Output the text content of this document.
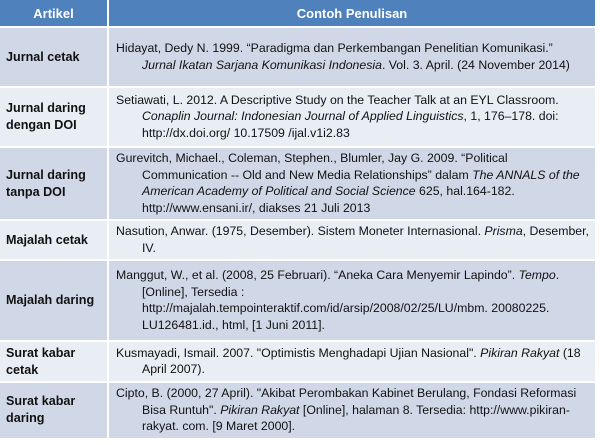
Artikel	Contoh Penulisan
Jurnal cetak	Hidayat, Dedy N. 1999. “Paradigma dan Perkembangan Penelitian Komunikasi.” Jurnal Ikatan Sarjana Komunikasi Indonesia. Vol. 3. April. (24 November 2014)

Jurnal daring dengan DOI	Setiawati, L. 2012. A Descriptive Study on the Teacher Talk at an EYL Classroom. Conaplin Journal: Indonesian Journal of Applied Linguistics, 1, 176–178. doi: http://dx.doi.org/ 10.17509 /ijal.v1i2.83

Jurnal daring tanpa DOI	Gurevitch, Michael., Coleman, Stephen., Blumler, Jay G. 2009. “Political Communication -- Old and New Media Relationships” dalam The ANNALS of the American Academy of Political and Social Science 625, hal.164-182. http://www.ensani.ir/, diakses 21 Juli 2013

Majalah cetak	Nasution, Anwar. (1975, Desember). Sistem Moneter Internasional. Prisma, Desember, IV.

Majalah daring	Manggut, W., et al. (2008, 25 Februari). “Aneka Cara Menyemir Lapindo”. Tempo. [Online], Tersedia : http://majalah.tempointeraktif.com/id/arsip/2008/02/25/LU/mbm. 20080225. LU126481.id., html, [1 Juni 2011].

Surat kabar cetak	Kusmayadi, Ismail. 2007. "Optimistis Menghadapi Ujian Nasional". Pikiran Rakyat (18 April 2007).

Surat kabar daring	Cipto, B. (2000, 27 April). "Akibat Perombakan Kabinet Berulang, Fondasi Reformasi Bisa Runtuh". Pikiran Rakyat [Online], halaman 8. Tersedia: http://www.pikiran-rakyat. com. [9 Maret 2000].
